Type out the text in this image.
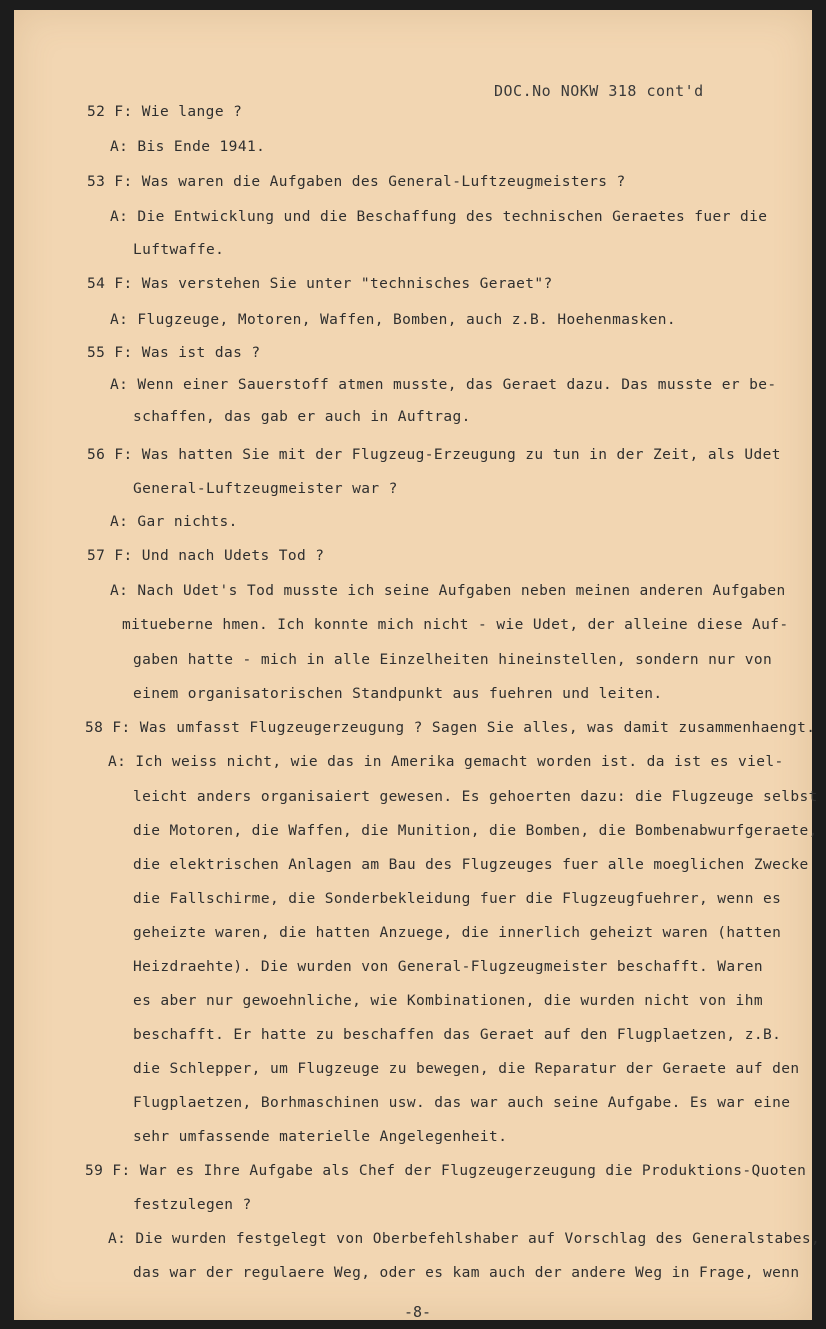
DOC.No NOKW 318 cont'd
52 F: Wie lange ?
A: Bis Ende 1941.
53 F: Was waren die Aufgaben des General-Luftzeugmeisters ?
A: Die Entwicklung und die Beschaffung des technischen Geraetes fuer die
Luftwaffe.
54 F: Was verstehen Sie unter "technisches Geraet"?
A: Flugzeuge, Motoren, Waffen, Bomben, auch z.B. Hoehenmasken.
55 F: Was ist das ?
A: Wenn einer Sauerstoff atmen musste, das Geraet dazu. Das musste er be-
schaffen, das gab er auch in Auftrag.
56 F: Was hatten Sie mit der Flugzeug-Erzeugung zu tun in der Zeit, als Udet
General-Luftzeugmeister war ?
A: Gar nichts.
57 F: Und nach Udets Tod ?
A: Nach Udet's Tod musste ich seine Aufgaben neben meinen anderen Aufgaben
mitueberne hmen. Ich konnte mich nicht - wie Udet, der alleine diese Auf-
gaben hatte - mich in alle Einzelheiten hineinstellen, sondern nur von
einem organisatorischen Standpunkt aus fuehren und leiten.
58 F: Was umfasst Flugzeugerzeugung ? Sagen Sie alles, was damit zusammenhaengt.
A: Ich weiss nicht, wie das in Amerika gemacht worden ist. da ist es viel-
leicht anders organisaiert gewesen. Es gehoerten dazu: die Flugzeuge selbst
die Motoren, die Waffen, die Munition, die Bomben, die Bombenabwurfgeraete,
die elektrischen Anlagen am Bau des Flugzeuges fuer alle moeglichen Zwecke
die Fallschirme, die Sonderbekleidung fuer die Flugzeugfuehrer, wenn es
geheizte waren, die hatten Anzuege, die innerlich geheizt waren (hatten
Heizdraehte). Die wurden von General-Flugzeugmeister beschafft. Waren
es aber nur gewoehnliche, wie Kombinationen, die wurden nicht von ihm
beschafft. Er hatte zu beschaffen das Geraet auf den Flugplaetzen, z.B.
die Schlepper, um Flugzeuge zu bewegen, die Reparatur der Geraete auf den
Flugplaetzen, Borhmaschinen usw. das war auch seine Aufgabe. Es war eine
sehr umfassende materielle Angelegenheit.
59 F: War es Ihre Aufgabe als Chef der Flugzeugerzeugung die Produktions-Quoten
festzulegen ?
A: Die wurden festgelegt von Oberbefehlshaber auf Vorschlag des Generalstabes,
das war der regulaere Weg, oder es kam auch der andere Weg in Frage, wenn
-8-
